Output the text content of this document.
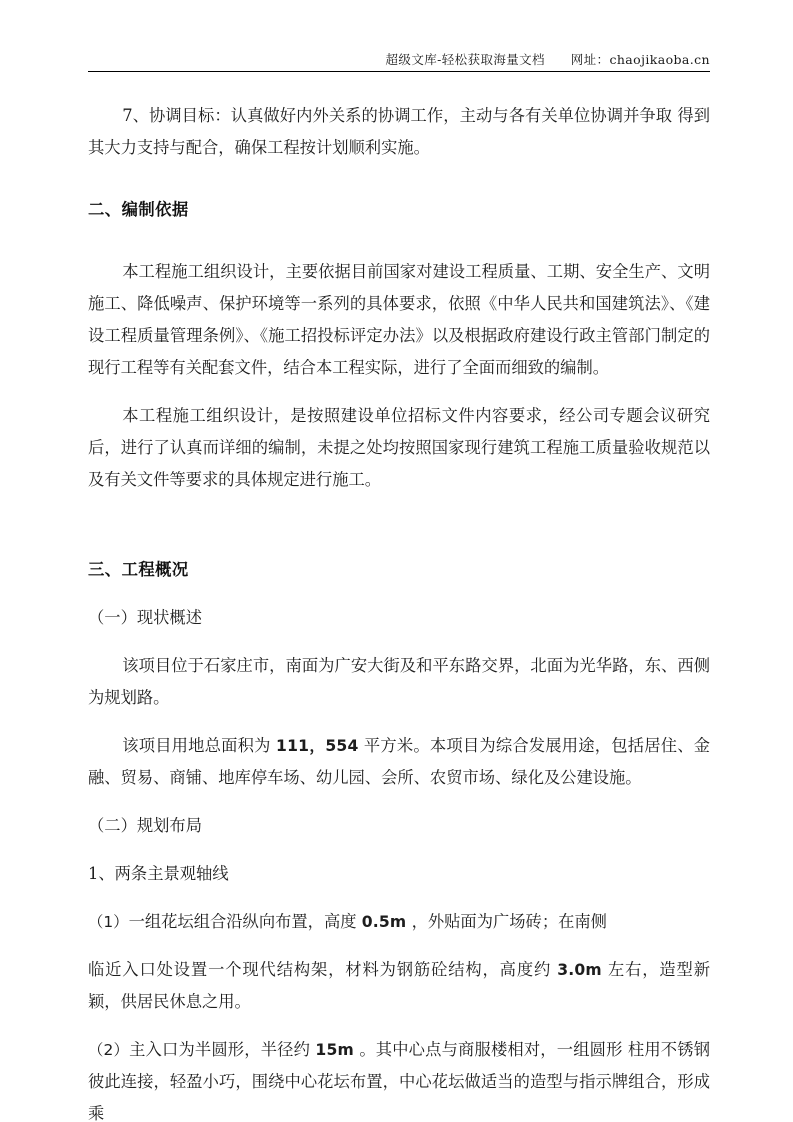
超级文库-轻松获取海量文档　　网址：chaojikaoba.cn

7、协调目标：认真做好内外关系的协调工作，主动与各有关单位协调并争取 得到其大力支持与配合，确保工程按计划顺利实施。

二、编制依据

本工程施工组织设计，主要依据目前国家对建设工程质量、工期、安全生产、文明施工、降低噪声、保护环境等一系列的具体要求，依照《中华人民共和国建筑法》、《建设工程质量管理条例》、《施工招投标评定办法》以及根据政府建设行政主管部门制定的现行工程等有关配套文件，结合本工程实际，进行了全面而细致的编制。

本工程施工组织设计，是按照建设单位招标文件内容要求，经公司专题会议研究后，进行了认真而详细的编制，未提之处均按照国家现行建筑工程施工质量验收规范以及有关文件等要求的具体规定进行施工。

三、工程概况

（一）现状概述

该项目位于石家庄市，南面为广安大街及和平东路交界，北面为光华路，东、西侧为规划路。

该项目用地总面积为 111，554 平方米。本项目为综合发展用途，包括居住、金融、贸易、商铺、地库停车场、幼儿园、会所、农贸市场、绿化及公建设施。

（二）规划布局

1、两条主景观轴线

（1）一组花坛组合沿纵向布置，高度 0.5m ，外贴面为广场砖；在南侧

临近入口处设置一个现代结构架，材料为钢筋砼结构，高度约 3.0m 左右，造型新颖，供居民休息之用。

（2）主入口为半圆形，半径约 15m 。其中心点与商服楼相对，一组圆形 柱用不锈钢彼此连接，轻盈小巧，围绕中心花坛布置，中心花坛做适当的造型与指示牌组合，形成乘
